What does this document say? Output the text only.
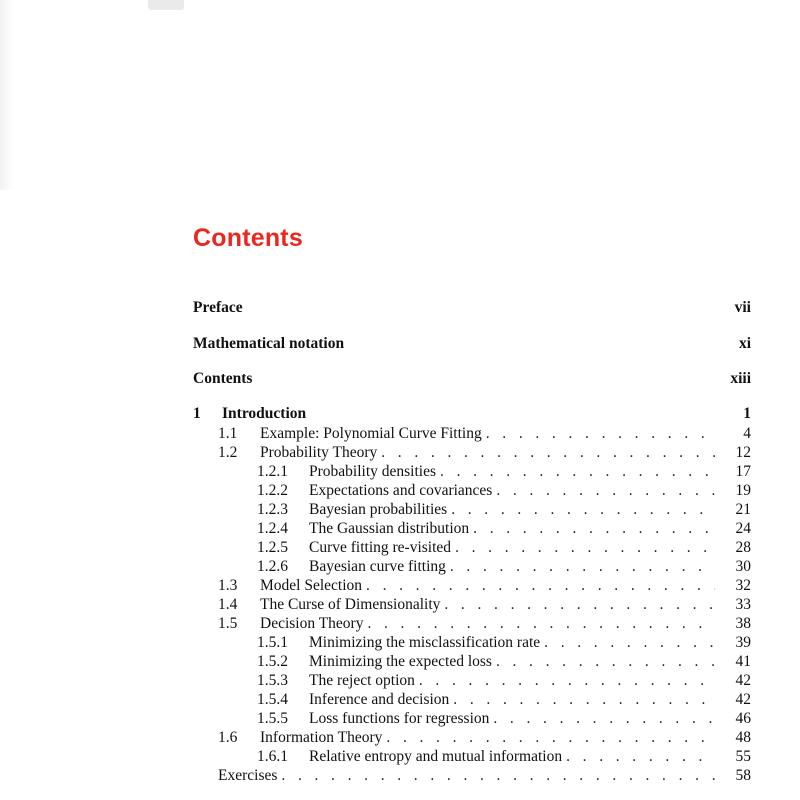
Contents
Preface	vii
Mathematical notation	xi
Contents	xiii
1	Introduction	1
1.1	Example: Polynomial Curve Fitting . . .	4
1.2	Probability Theory . . .	12
1.2.1	Probability densities . . .	17
1.2.2	Expectations and covariances . . .	19
1.2.3	Bayesian probabilities . . .	21
1.2.4	The Gaussian distribution . . .	24
1.2.5	Curve fitting re-visited . . .	28
1.2.6	Bayesian curve fitting . . .	30
1.3	Model Selection . . .	32
1.4	The Curse of Dimensionality . . .	33
1.5	Decision Theory . . .	38
1.5.1	Minimizing the misclassification rate . . .	39
1.5.2	Minimizing the expected loss . . .	41
1.5.3	The reject option . . .	42
1.5.4	Inference and decision . . .	42
1.5.5	Loss functions for regression . . .	46
1.6	Information Theory . . .	48
1.6.1	Relative entropy and mutual information . . .	55
Exercises . . .	58
